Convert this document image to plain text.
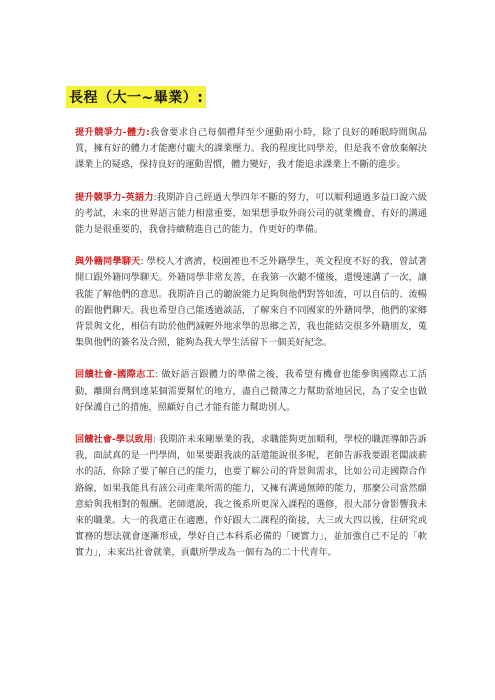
長程（大一~畢業）:

提升競爭力-體力:我會要求自己每個禮拜至少運動兩小時，除了良好的睡眠時間與品質，擁有好的體力才能應付龐大的課業壓力。我的程度比同學差，但是我不會放棄解決課業上的疑惑，保持良好的運動習慣，體力變好，我才能追求課業上不斷的進步。

提升競爭力-英語力:我期許自己經過大學四年不斷的努力，可以順利通過多益口說六級的考試，未來的世界語言能力相當重要，如果想爭取外商公司的就業機會，有好的溝通能力是很重要的，我會持續精進自己的能力，作更好的準備。

與外籍同學聊天: 學校人才濟濟，校園裡也不乏外籍學生，英文程度不好的我，曾試著開口跟外籍同學聊天。外籍同學非常友善，在我第一次聽不懂後，還慢速講了一次，讓我能了解他們的意思。我期許自己的聽說能力足夠與他們對答如流，可以自信的、流暢的跟他們聊天。我也希望自己能透過談話，了解來自不同國家的外籍同學，他們的家鄉背景與文化，相信有助於他們減輕外地求學的思鄉之苦，我也能結交很多外籍朋友，蒐集與他們的簽名及合照，能夠為我大學生活留下一個美好紀念。

回饋社會-國際志工: 做好語言跟體力的準備之後，我希望有機會也能參與國際志工活動，離開台灣到達某個需要幫忙的地方，盡自己微薄之力幫助當地居民，為了安全也做好保護自己的措施，照顧好自己才能有能力幫助別人。

回饋社會-學以致用: 我期許未來剛畢業的我，求職能夠更加順利，學校的職涯導師告訴我，面試真的是一門學問，如果要跟我談的話還能說很多呢，老師告訴我要跟老闆談薪水的話，你除了要了解自己的能力，也要了解公司的背景與需求，比如公司走國際合作路線，如果我能具有該公司產業所需的能力，又擁有溝通無障的能力，那麼公司當然願意給與我相對的報酬。老師還說，我之後系所更深入課程的選修，很大部分會影響我未來的職業。大一的我還正在適應，作好跟大二課程的銜接，大三或大四以後，往研究或實務的想法就會逐漸形成，學好自己本科系必備的「硬實力」，並加強自己不足的「軟實力」，未來出社會就業，貢獻所學成為一個有為的二十代青年。
